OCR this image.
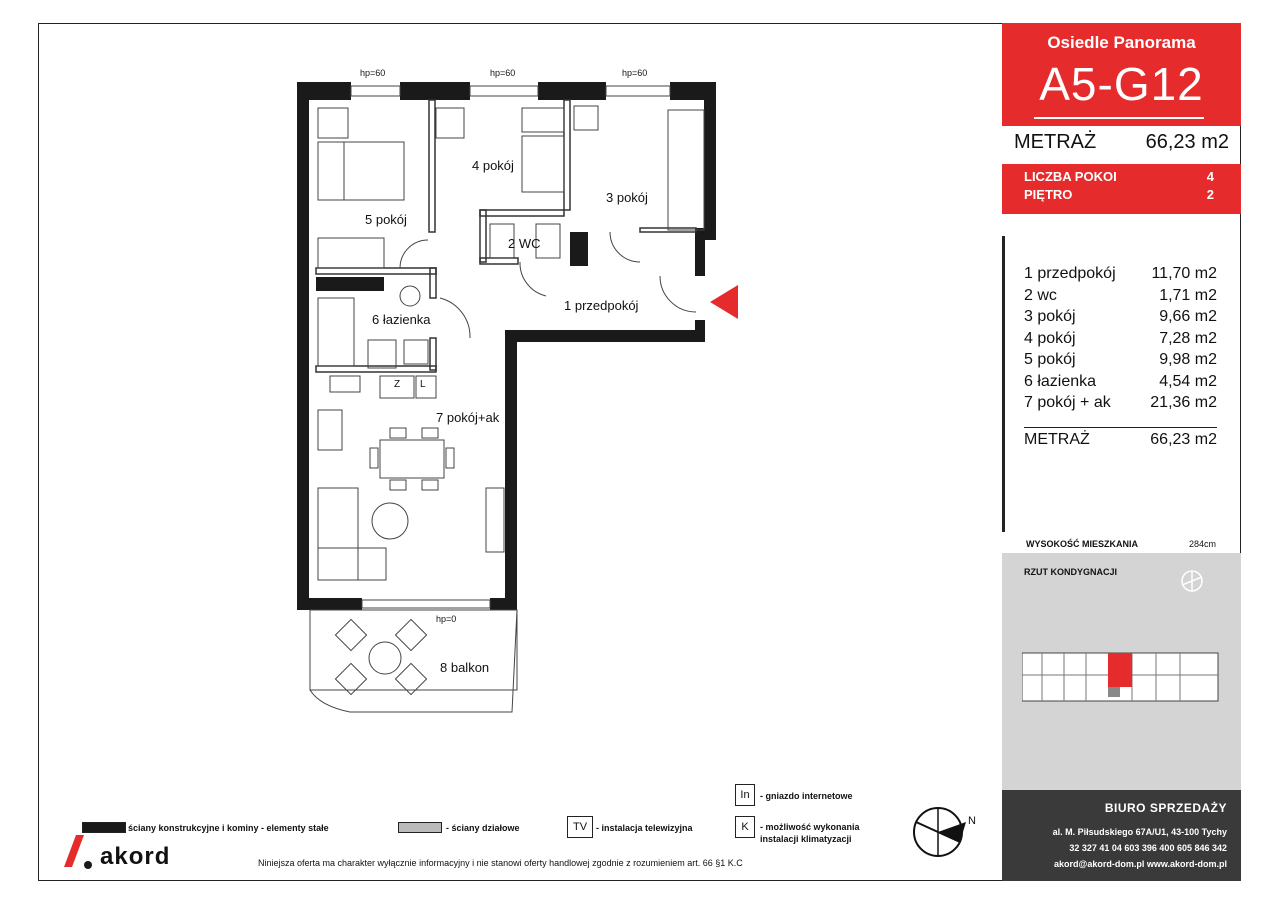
hp=60	hp=60	hp=60
hp=0
4 pokój
3 pokój
5 pokój
2 WC
1 przedpokój
6 łazienka
7 pokój+ak
8 balkon
Z L
Osiedle Panorama
A5-G12
METRAŻ 66,23 m2
LICZBA POKOI	4
PIĘTRO	2
1 przedpokój 11,70 m2
2 wc	1,71 m2
3 pokój	9,66 m2
4 pokój	7,28 m2
5 pokój	9,98 m2
6 łazienka	4,54 m2
7 pokój + ak 21,36 m2
METRAŻ	66,23 m2
WYSOKOŚĆ MIESZKANIA	284cm
RZUT KONDYGNACJI
BIURO SPRZEDAŻY
al. M. Piłsudskiego 67A/U1, 43-100 Tychy
32 327 41 04 603 396 400 605 846 342
akord@akord-dom.pl www.akord-dom.pl
ściany konstrukcyjne i kominy - elementy stałe	- ściany działowe	TV - instalacja telewizyjna
In	- gniazdo internetowe
K	- możliwość wykonania
instalacji klimatyzacji
N
akord	Niniejsza oferta ma charakter wyłącznie informacyjny i nie stanowi oferty handlowej zgodnie z rozumieniem art. 66 §1 K.C
